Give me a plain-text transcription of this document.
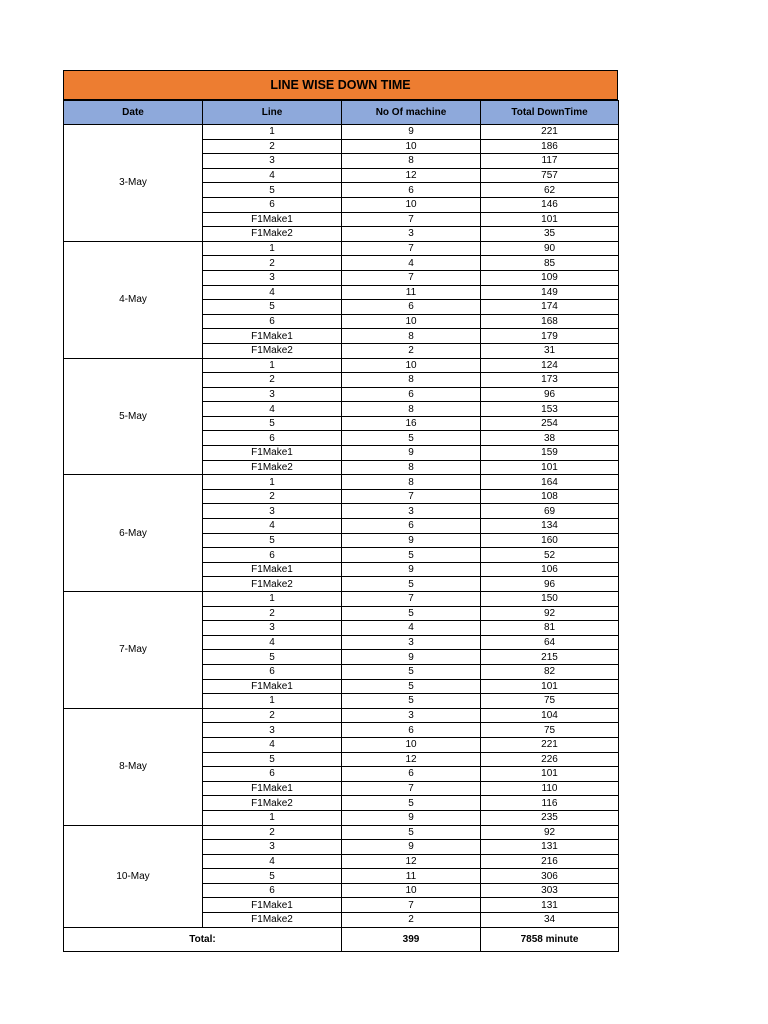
LINE WISE DOWN TIME
Date	Line	No Of machine	Total DownTime
3-May	1	9	221
	2	10	186
	3	8	117
	4	12	757
	5	6	62
	6	10	146
	F1Make1	7	101
	F1Make2	3	35
4-May	1	7	90
	2	4	85
	3	7	109
	4	11	149
	5	6	174
	6	10	168
	F1Make1	8	179
	F1Make2	2	31
5-May	1	10	124
	2	8	173
	3	6	96
	4	8	153
	5	16	254
	6	5	38
	F1Make1	9	159
	F1Make2	8	101
6-May	1	8	164
	2	7	108
	3	3	69
	4	6	134
	5	9	160
	6	5	52
	F1Make1	9	106
	F1Make2	5	96
7-May	1	7	150
	2	5	92
	3	4	81
	4	3	64
	5	9	215
	6	5	82
	F1Make1	5	101
	1	5	75
8-May	2	3	104
	3	6	75
	4	10	221
	5	12	226
	6	6	101
	F1Make1	7	110
	F1Make2	5	116
	1	9	235
10-May	2	5	92
	3	9	131
	4	12	216
	5	11	306
	6	10	303
	F1Make1	7	131
	F1Make2	2	34
Total:		399	7858 minute
